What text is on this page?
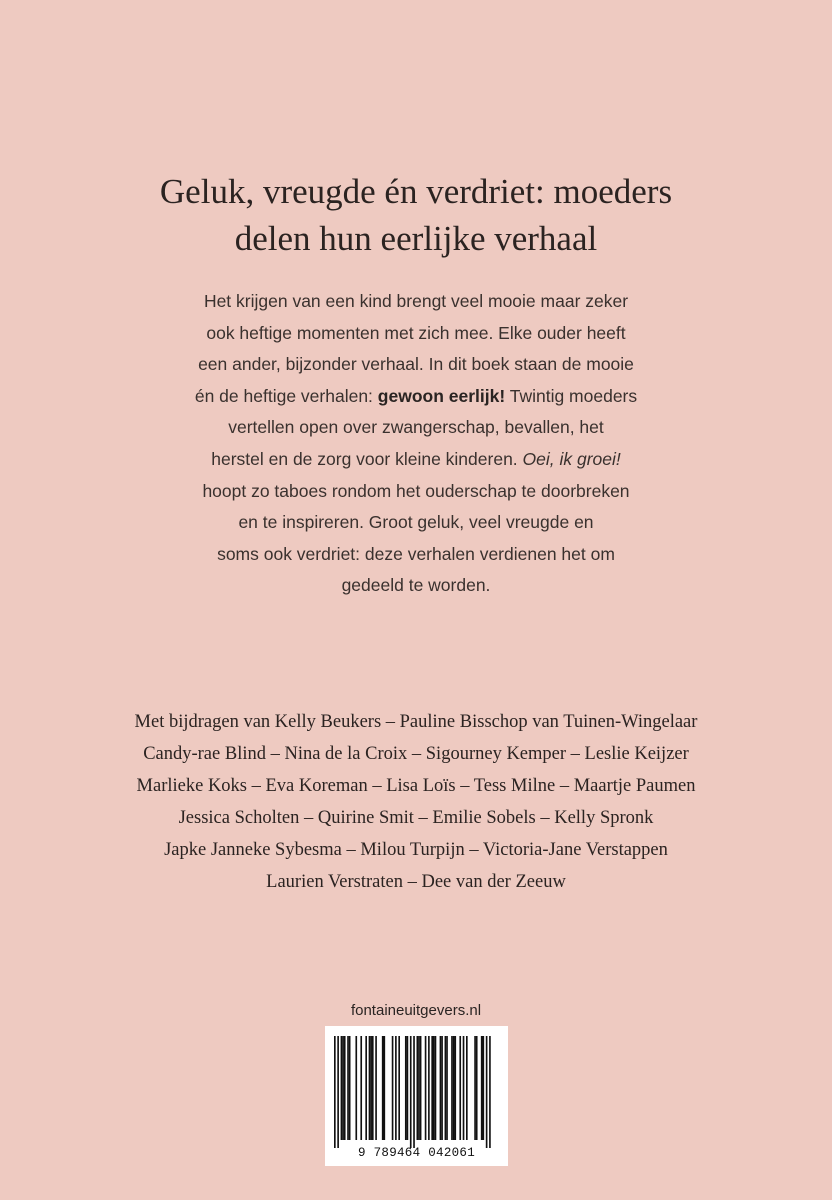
Geluk, vreugde én verdriet: moeders
delen hun eerlijke verhaal
Het krijgen van een kind brengt veel mooie maar zeker
ook heftige momenten met zich mee. Elke ouder heeft
een ander, bijzonder verhaal. In dit boek staan de mooie
én de heftige verhalen: gewoon eerlijk! Twintig moeders
vertellen open over zwangerschap, bevallen, het
herstel en de zorg voor kleine kinderen. Oei, ik groei!
hoopt zo taboes rondom het ouderschap te doorbreken
en te inspireren. Groot geluk, veel vreugde en
soms ook verdriet: deze verhalen verdienen het om
gedeeld te worden.
Met bijdragen van Kelly Beukers – Pauline Bisschop van Tuinen-Wingelaar
Candy-rae Blind – Nina de la Croix – Sigourney Kemper – Leslie Keijzer
Marlieke Koks – Eva Koreman – Lisa Loïs – Tess Milne – Maartje Paumen
Jessica Scholten – Quirine Smit – Emilie Sobels – Kelly Spronk
Japke Janneke Sybesma – Milou Turpijn – Victoria-Jane Verstappen
Laurien Verstraten – Dee van der Zeeuw
fontaineuitgevers.nl
9 789464 042061
